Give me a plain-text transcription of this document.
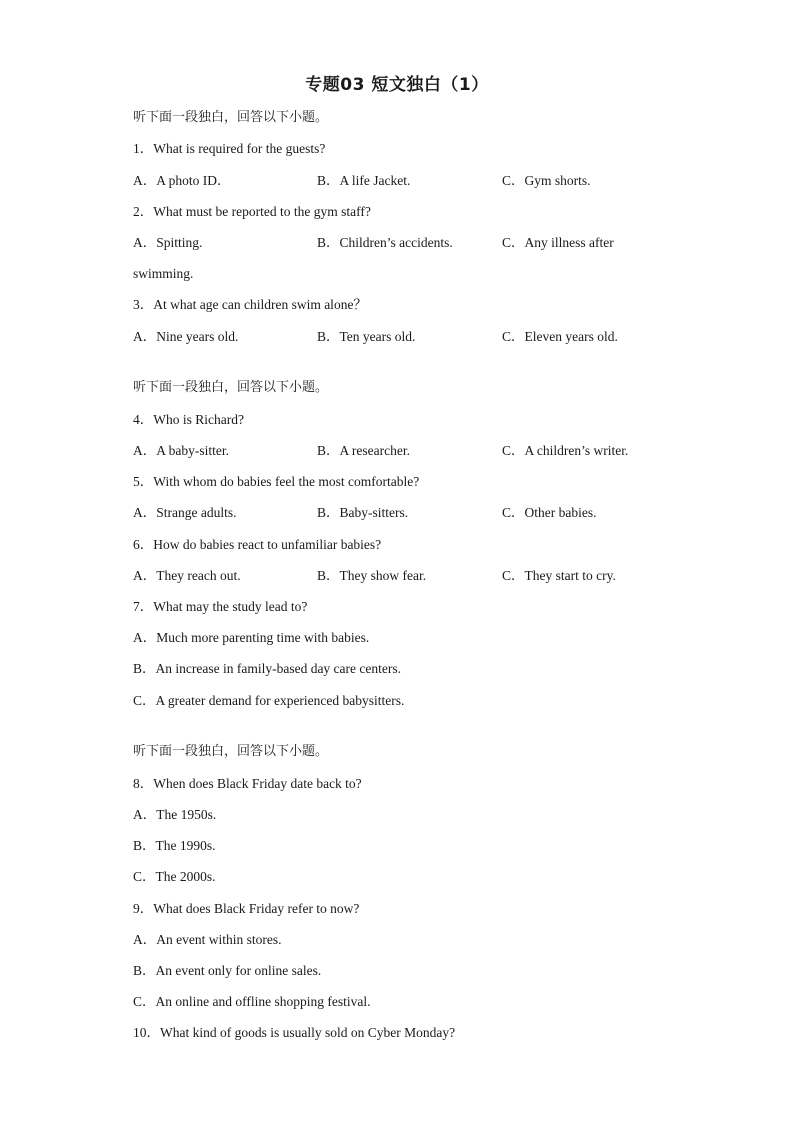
专题03 短文独白（1）
听下面一段独白，回答以下小题。
1．What is required for the guests?
A．A photo ID．	B．A life Jacket.	C．Gym shorts.
2．What must be reported to the gym staff?
A．Spitting.	B．Children’s accidents.	C．Any illness after
swimming.
3．At what age can children swim alone？
A．Nine years old.	B．Ten years old.	C．Eleven years old.
听下面一段独白，回答以下小题。
4．Who is Richard?
A．A baby-sitter.	B．A researcher.	C．A children’s writer.
5．With whom do babies feel the most comfortable?
A．Strange adults.	B．Baby-sitters.	C．Other babies.
6．How do babies react to unfamiliar babies?
A．They reach out.	B．They show fear.	C．They start to cry.
7．What may the study lead to?
A．Much more parenting time with babies.
B．An increase in family-based day care centers.
C．A greater demand for experienced babysitters.
听下面一段独白，回答以下小题。
8．When does Black Friday date back to?
A．The 1950s.
B．The 1990s.
C．The 2000s.
9．What does Black Friday refer to now?
A．An event within stores.
B．An event only for online sales.
C．An online and offline shopping festival.
10．What kind of goods is usually sold on Cyber Monday?
